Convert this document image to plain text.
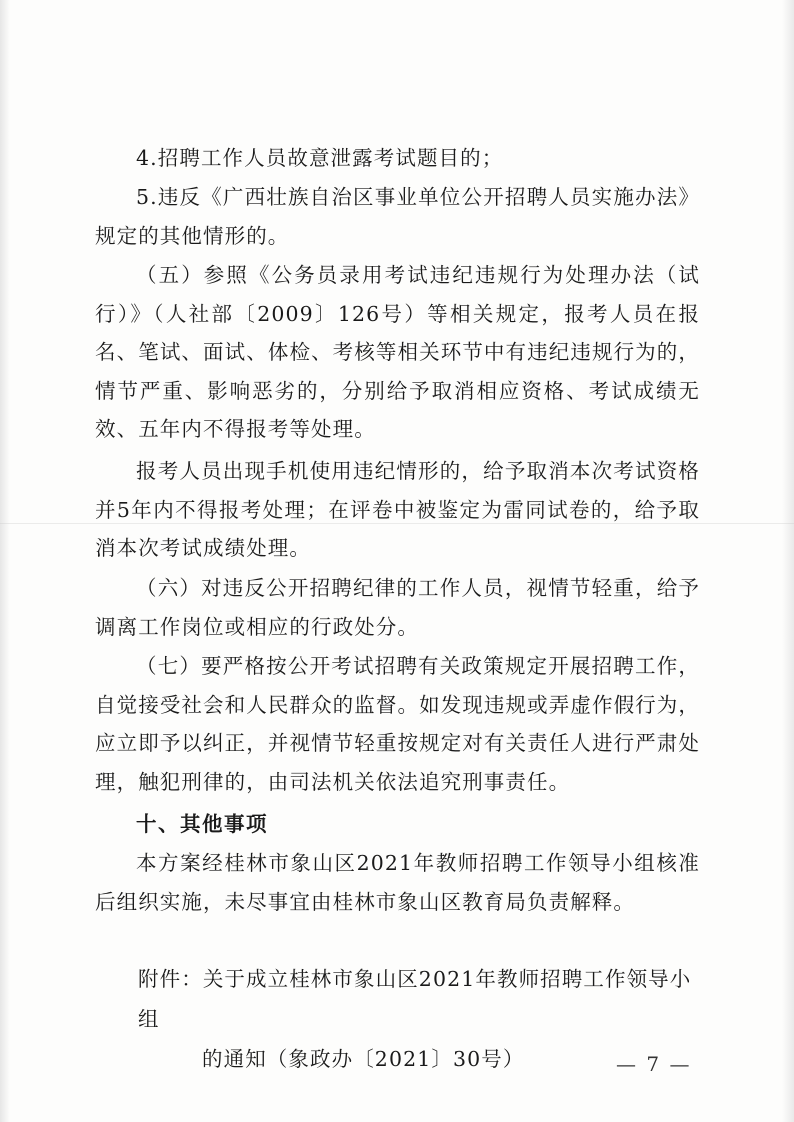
4.招聘工作人员故意泄露考试题目的；

5.违反《广西壮族自治区事业单位公开招聘人员实施办法》规定的其他情形的。

（五）参照《公务员录用考试违纪违规行为处理办法（试行）》（人社部〔2009〕126号）等相关规定，报考人员在报名、笔试、面试、体检、考核等相关环节中有违纪违规行为的，情节严重、影响恶劣的，分别给予取消相应资格、考试成绩无效、五年内不得报考等处理。

报考人员出现手机使用违纪情形的，给予取消本次考试资格并5年内不得报考处理；在评卷中被鉴定为雷同试卷的，给予取消本次考试成绩处理。

（六）对违反公开招聘纪律的工作人员，视情节轻重，给予调离工作岗位或相应的行政处分。

（七）要严格按公开考试招聘有关政策规定开展招聘工作，自觉接受社会和人民群众的监督。如发现违规或弄虚作假行为，应立即予以纠正，并视情节轻重按规定对有关责任人进行严肃处理，触犯刑律的，由司法机关依法追究刑事责任。

十、其他事项

本方案经桂林市象山区2021年教师招聘工作领导小组核准后组织实施，未尽事宜由桂林市象山区教育局负责解释。

附件：关于成立桂林市象山区2021年教师招聘工作领导小组
的通知（象政办〔2021〕30号）	— 7 —
